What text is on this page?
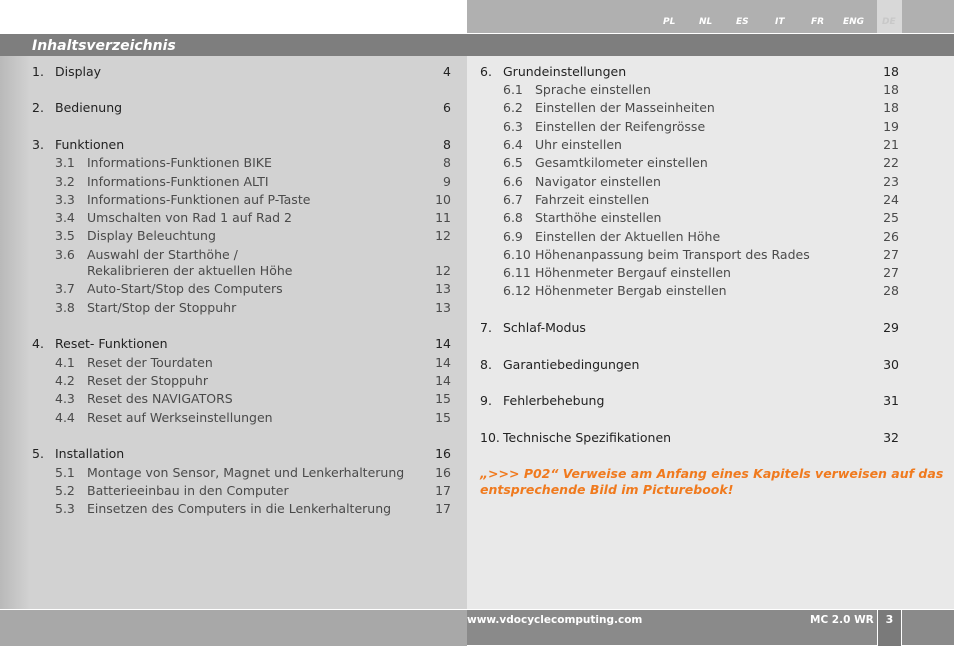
PL	NL	ES	IT	FR ENG DE
Inhaltsverzeichnis
1. Display	4
2. Bedienung	6
3. Funktionen	8
3.1 Informations-Funktionen BIKE	8
3.2 Informations-Funktionen ALTI	9
3.3 Informations-Funktionen auf P-Taste	10
3.4 Umschalten von Rad 1 auf Rad 2	11
3.5 Display Beleuchtung	12
3.6 Auswahl der Starthöhe /
Rekalibrieren der aktuellen Höhe	12
3.7 Auto-Start/Stop des Computers	13
3.8 Start/Stop der Stoppuhr	13
4. Reset- Funktionen	14
4.1 Reset der Tourdaten	14
4.2 Reset der Stoppuhr	14
4.3 Reset des NAVIGATORS	15
4.4 Reset auf Werkseinstellungen	15
5. Installation	16
5.1 Montage von Sensor, Magnet und Lenkerhalterung	16
5.2 Batterieeinbau in den Computer	17
5.3 Einsetzen des Computers in die Lenkerhalterung	17
6. Grundeinstellungen	18
6.1 Sprache einstellen	18
6.2 Einstellen der Masseinheiten	18
6.3 Einstellen der Reifengrösse	19
6.4 Uhr einstellen	21
6.5 Gesamtkilometer einstellen	22
6.6 Navigator einstellen	23
6.7 Fahrzeit einstellen	24
6.8 Starthöhe einstellen	25
6.9 Einstellen der Aktuellen Höhe	26
6.10 Höhenanpassung beim Transport des Rades	27
6.11 Höhenmeter Bergauf einstellen	27
6.12 Höhenmeter Bergab einstellen	28
7. Schlaf-Modus	29
8. Garantiebedingungen	30
9. Fehlerbehebung	31
10. Technische Spezifikationen	32
„>>> P02“ Verweise am Anfang eines Kapitels verweisen auf das
entsprechende Bild im Picturebook!
www.vdocyclecomputing.com	MC 2.0 WR	3
